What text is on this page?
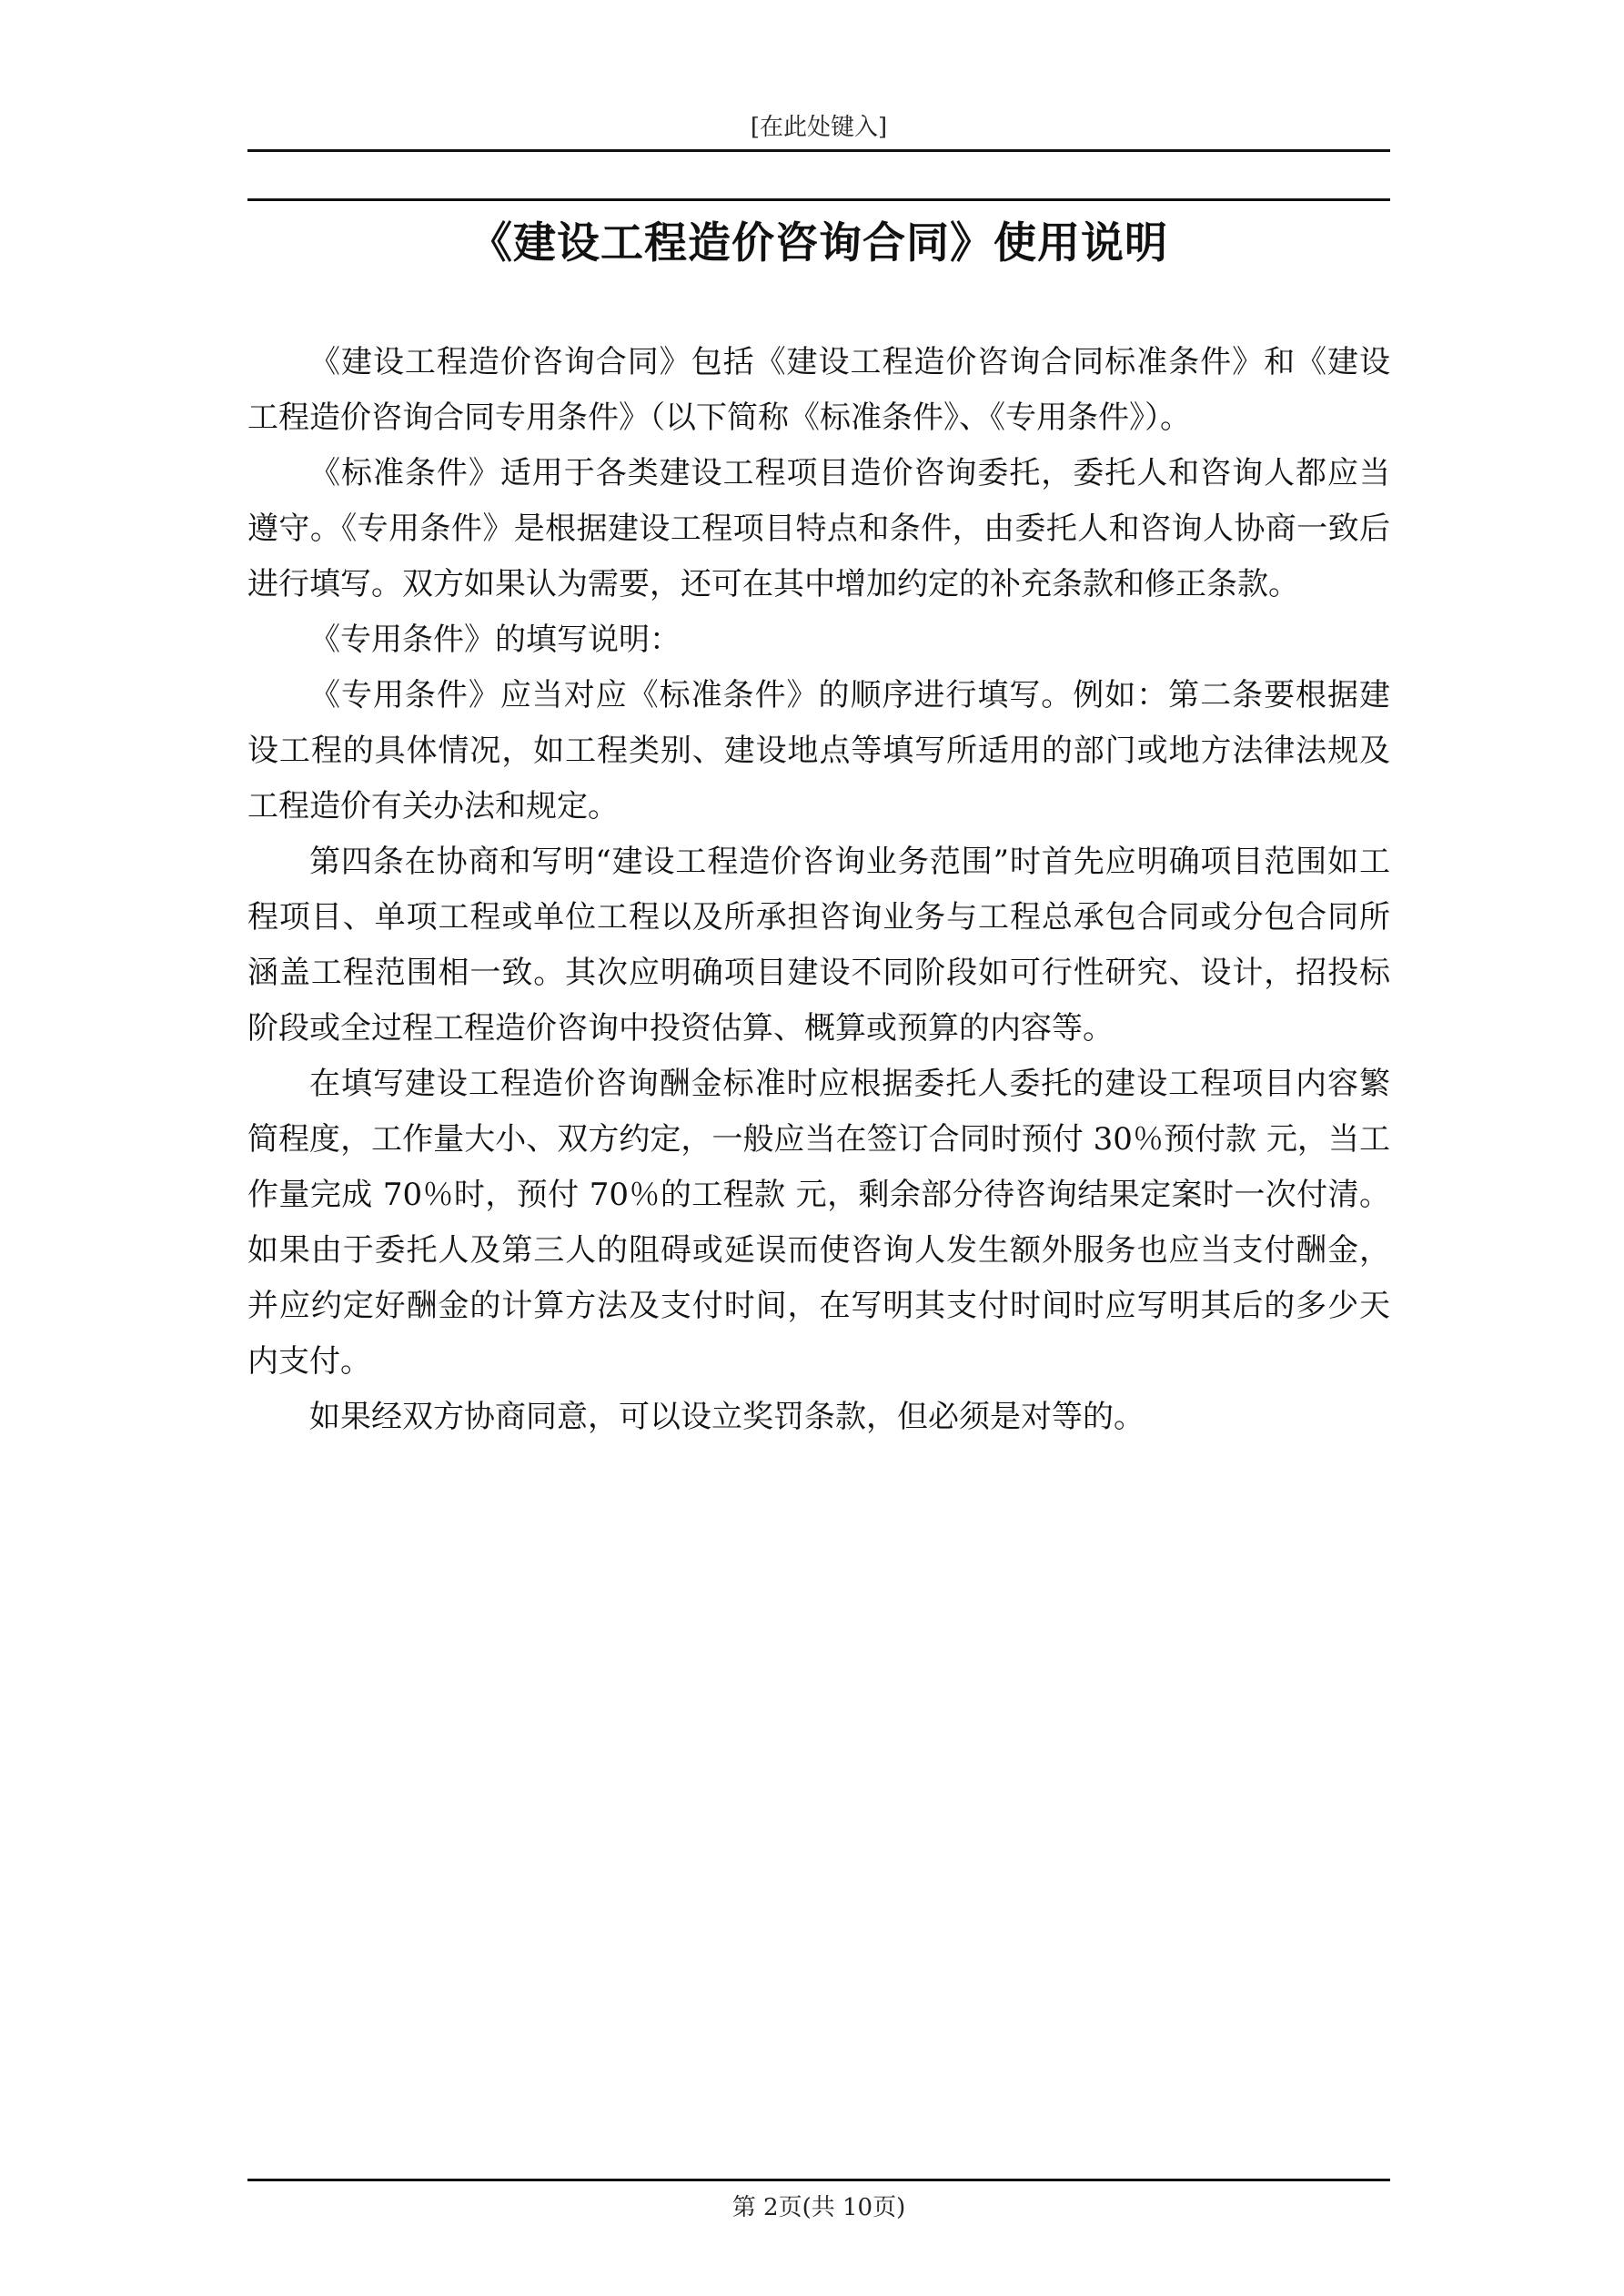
[在此处键入]
《建设工程造价咨询合同》使用说明

《建设工程造价咨询合同》包括《建设工程造价咨询合同标准条件》和《建设工程造价咨询合同专用条件》（以下简称《标准条件》、《专用条件》）。

《标准条件》适用于各类建设工程项目造价咨询委托，委托人和咨询人都应当遵守。《专用条件》是根据建设工程项目特点和条件，由委托人和咨询人协商一致后进行填写。双方如果认为需要，还可在其中增加约定的补充条款和修正条款。

《专用条件》的填写说明：

《专用条件》应当对应《标准条件》的顺序进行填写。例如：第二条要根据建设工程的具体情况，如工程类别、建设地点等填写所适用的部门或地方法律法规及工程造价有关办法和规定。

第四条在协商和写明“建设工程造价咨询业务范围”时首先应明确项目范围如工程项目、单项工程或单位工程以及所承担咨询业务与工程总承包合同或分包合同所涵盖工程范围相一致。其次应明确项目建设不同阶段如可行性研究、设计，招投标阶段或全过程工程造价咨询中投资估算、概算或预算的内容等。

在填写建设工程造价咨询酬金标准时应根据委托人委托的建设工程项目内容繁简程度，工作量大小、双方约定，一般应当在签订合同时预付 30％预付款 元，当工作量完成 70％时，预付 70％的工程款 元，剩余部分待咨询结果定案时一次付清。如果由于委托人及第三人的阻碍或延误而使咨询人发生额外服务也应当支付酬金，并应约定好酬金的计算方法及支付时间，在写明其支付时间时应写明其后的多少天内支付。

如果经双方协商同意，可以设立奖罚条款，但必须是对等的。

第 2页(共 10页)
